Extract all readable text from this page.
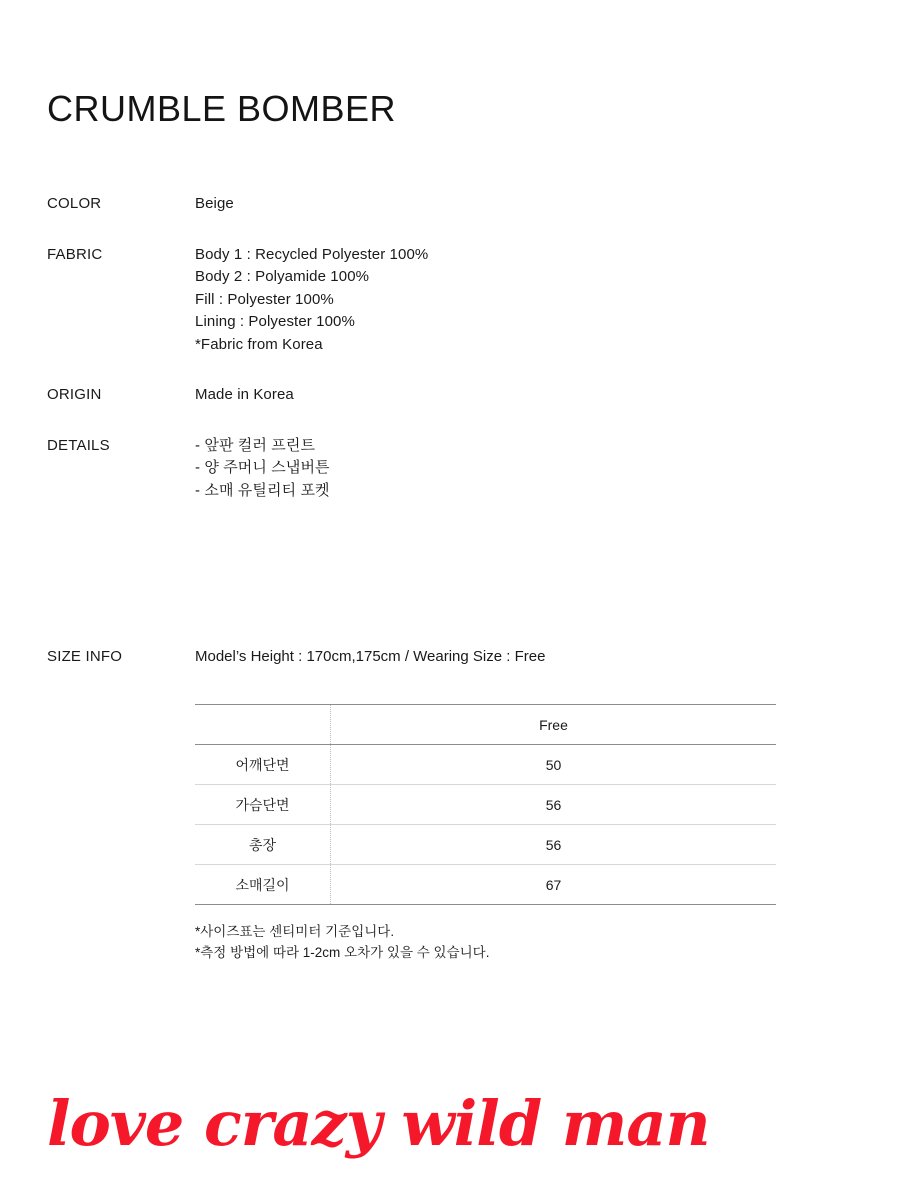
CRUMBLE BOMBER
COLOR	Beige
FABRIC	Body 1 : Recycled Polyester 100%
Body 2 : Polyamide 100%
Fill : Polyester 100%
Lining : Polyester 100%
*Fabric from Korea
ORIGIN	Made in Korea
DETAILS	- 앞판 컬러 프린트
- 양 주머니 스냅버튼
- 소매 유틸리티 포켓
SIZE INFO	Model’s Height : 170cm,175cm / Wearing Size : Free
	Free
어깨단면	50
가슴단면	56
총장	56
소매길이	67
*사이즈표는 센티미터 기준입니다.
*측정 방법에 따라 1-2cm 오차가 있을 수 있습니다.
love crazy wild man
